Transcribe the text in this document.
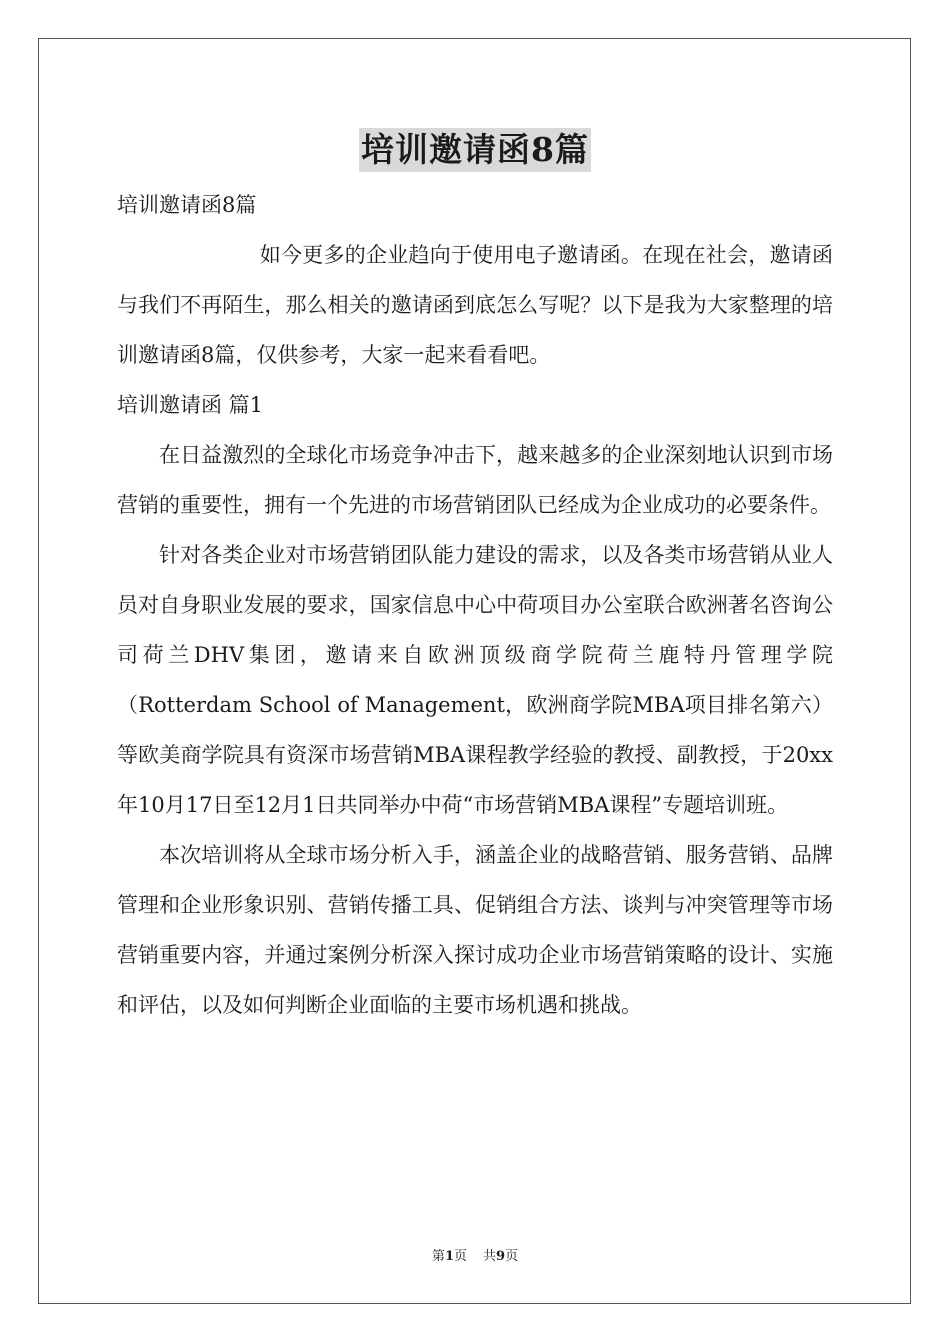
培训邀请函8篇

培训邀请函8篇

如今更多的企业趋向于使用电子邀请函。在现在社会，邀请函与我们不再陌生，那么相关的邀请函到底怎么写呢？以下是我为大家整理的培训邀请函8篇，仅供参考，大家一起来看看吧。

培训邀请函 篇1

在日益激烈的全球化市场竞争冲击下，越来越多的企业深刻地认识到市场营销的重要性，拥有一个先进的市场营销团队已经成为企业成功的必要条件。

针对各类企业对市场营销团队能力建设的需求，以及各类市场营销从业人员对自身职业发展的要求，国家信息中心中荷项目办公室联合欧洲著名咨询公司荷兰DHV集团，邀请来自欧洲顶级商学院荷兰鹿特丹管理学院（Rotterdam School of Management，欧洲商学院MBA项目排名第六）等欧美商学院具有资深市场营销MBA课程教学经验的教授、副教授，于20xx年10月17日至12月1日共同举办中荷“市场营销MBA课程”专题培训班。

本次培训将从全球市场分析入手，涵盖企业的战略营销、服务营销、品牌管理和企业形象识别、营销传播工具、促销组合方法、谈判与冲突管理等市场营销重要内容，并通过案例分析深入探讨成功企业市场营销策略的设计、实施和评估，以及如何判断企业面临的主要市场机遇和挑战。

第1页 共9页
